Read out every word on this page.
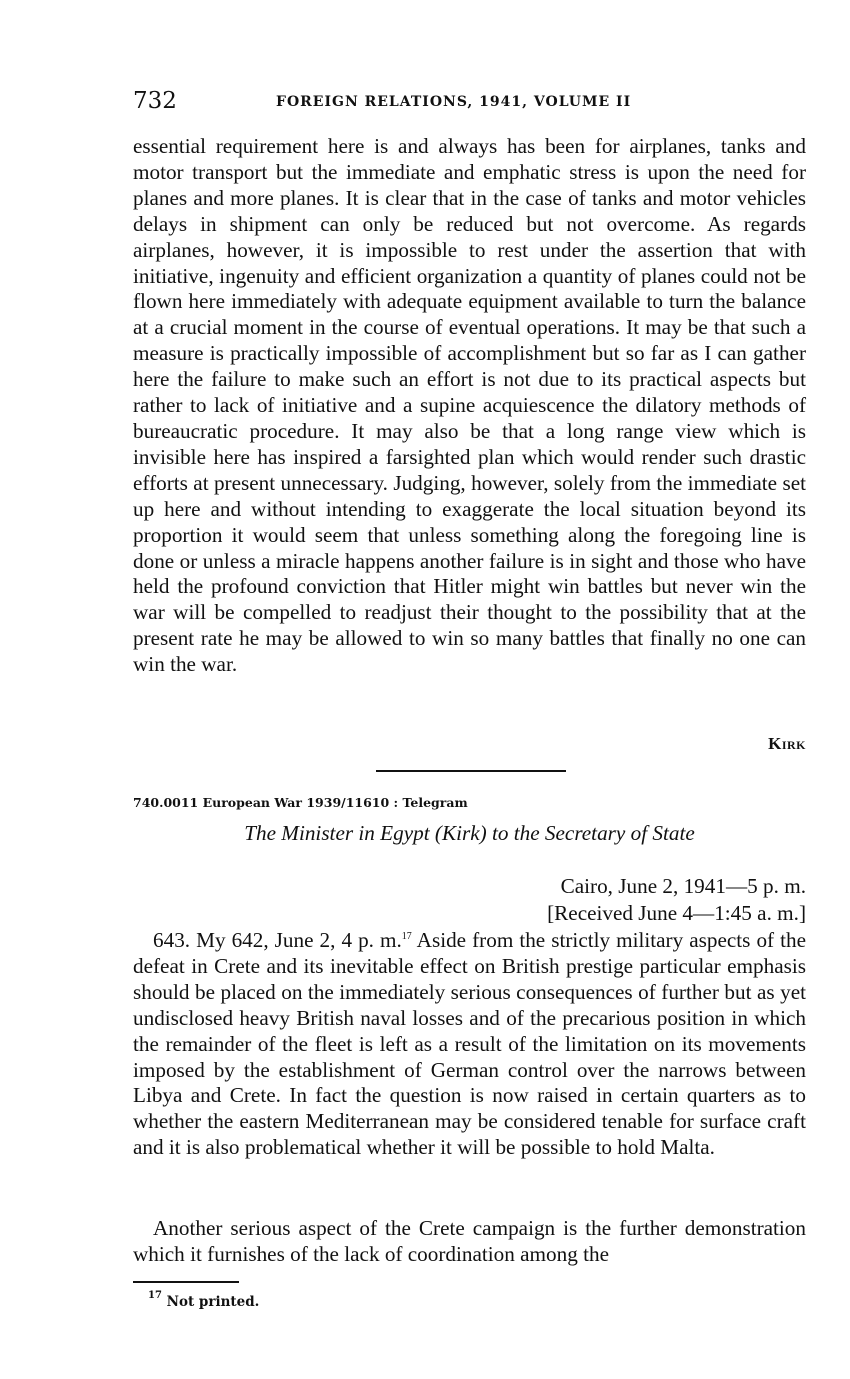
732	FOREIGN RELATIONS, 1941, VOLUME II

essential requirement here is and always has been for airplanes, tanks and motor transport but the immediate and emphatic stress is upon the need for planes and more planes. It is clear that in the case of tanks and motor vehicles delays in shipment can only be reduced but not overcome. As regards airplanes, however, it is impossible to rest under the assertion that with initiative, ingenuity and efficient organization a quantity of planes could not be flown here immediately with adequate equipment available to turn the balance at a crucial moment in the course of eventual operations. It may be that such a measure is practically impossible of accomplishment but so far as I can gather here the failure to make such an effort is not due to its practical aspects but rather to lack of initiative and a supine acquiescence the dilatory methods of bureaucratic procedure. It may also be that a long range view which is invisible here has inspired a farsighted plan which would render such drastic efforts at present unnecessary. Judging, however, solely from the immediate set up here and without intending to exaggerate the local situation beyond its proportion it would seem that unless something along the foregoing line is done or unless a miracle happens another failure is in sight and those who have held the profound conviction that Hitler might win battles but never win the war will be compelled to readjust their thought to the possibility that at the present rate he may be allowed to win so many battles that finally no one can win the war.

Kirk
740.0011 European War 1939/11610 : Telegram
The Minister in Egypt (Kirk) to the Secretary of State
Cairo, June 2, 1941—5 p. m.
[Received June 4—1:45 a. m.]

643. My 642, June 2, 4 p. m.$^{17}$ Aside from the strictly military aspects of the defeat in Crete and its inevitable effect on British prestige particular emphasis should be placed on the immediately serious consequences of further but as yet undisclosed heavy British naval losses and of the precarious position in which the remainder of the fleet is left as a result of the limitation on its movements imposed by the establishment of German control over the narrows between Libya and Crete. In fact the question is now raised in certain quarters as to whether the eastern Mediterranean may be considered tenable for surface craft and it is also problematical whether it will be possible to hold Malta.

Another serious aspect of the Crete campaign is the further demonstration which it furnishes of the lack of coordination among the

$^{17}$ Not printed.
